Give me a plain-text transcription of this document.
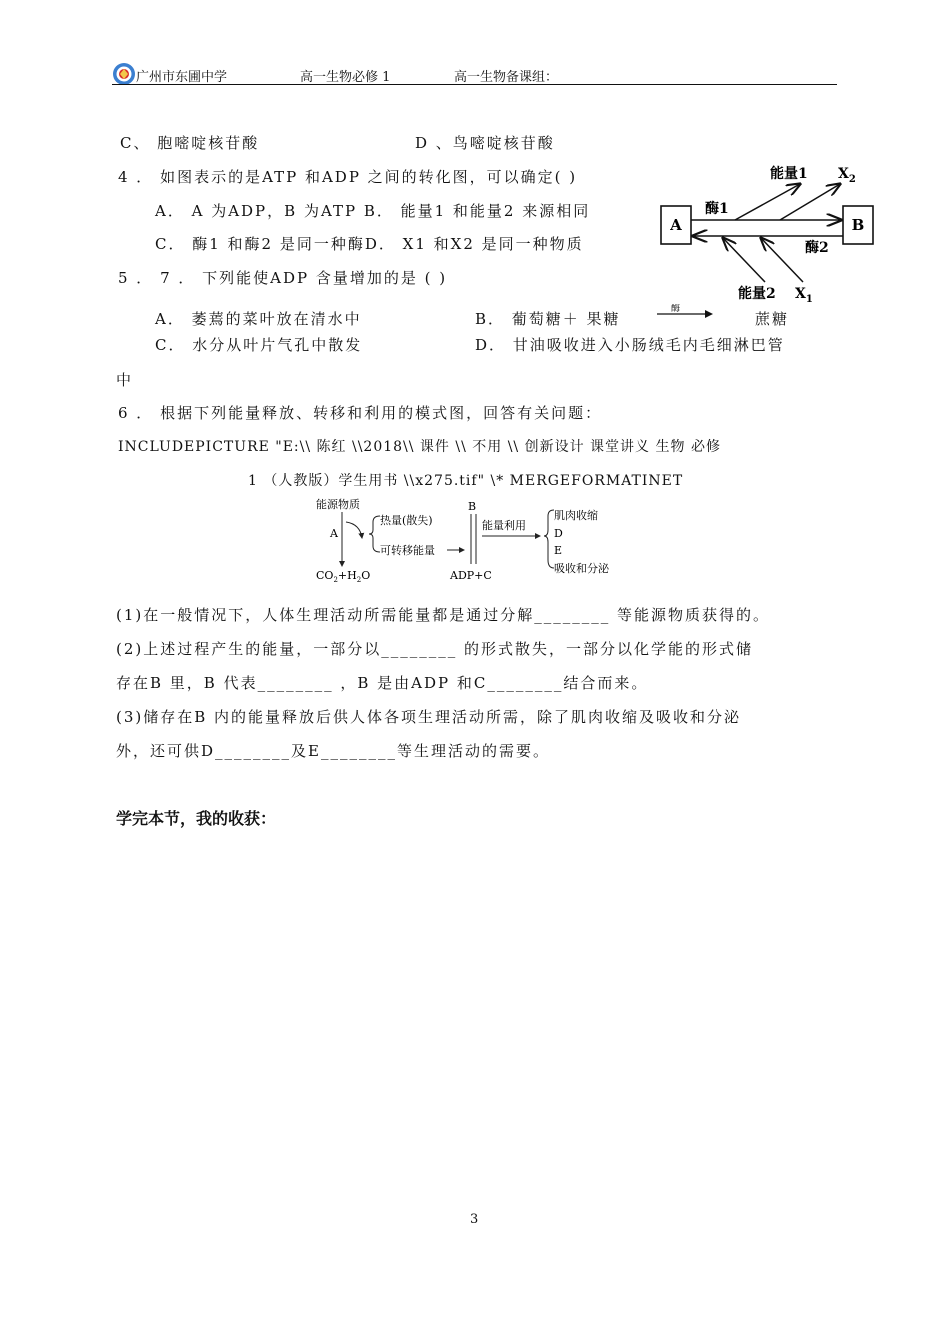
广州市东圃中学	高一生物必修 1	高一生物备课组：
C、 胞嘧啶核苷酸	D 、鸟嘧啶核苷酸
4 ． 如图表示的是ATP 和ADP 之间的转化图，可以确定( )
A． A 为ADP，B 为ATP B． 能量1 和能量2 来源相同
C． 酶1 和酶2 是同一种酶D． X1 和X2 是同一种物质
A	B
酶1
酶2
能量1
能量2
$X_2$
$X_1$
5 ． 7 ． 下列能使ADP 含量增加的是 ( )
A． 萎蔫的菜叶放在清水中	B． 葡萄糖＋ 果糖
酶
蔗糖
C． 水分从叶片气孔中散发	D． 甘油吸收进入小肠绒毛内毛细淋巴管
中
6 ． 根据下列能量释放、转移和利用的模式图，回答有关问题：
INCLUDEPICTURE "E:\\ 陈红 \\2018\\ 课件 \\ 不用 \\ 创新设计 课堂讲义 生物 必修
1 （人教版）学生用书 \\x275.tif" \* MERGEFORMATINET
能源物质
A
$CO_2+H_2O$
热量(散失)
可转移能量
B
ADP+C
能量利用
肌肉收缩
D
E
吸收和分泌
(1)在一般情况下，人体生理活动所需能量都是通过分解________ 等能源物质获得的。
(2)上述过程产生的能量，一部分以________ 的形式散失，一部分以化学能的形式储
存在B 里，B 代表________ ，B 是由ADP 和C________结合而来。
(3)储存在B 内的能量释放后供人体各项生理活动所需，除了肌肉收缩及吸收和分泌
外，还可供D________及E________等生理活动的需要。
学完本节，我的收获：
3
